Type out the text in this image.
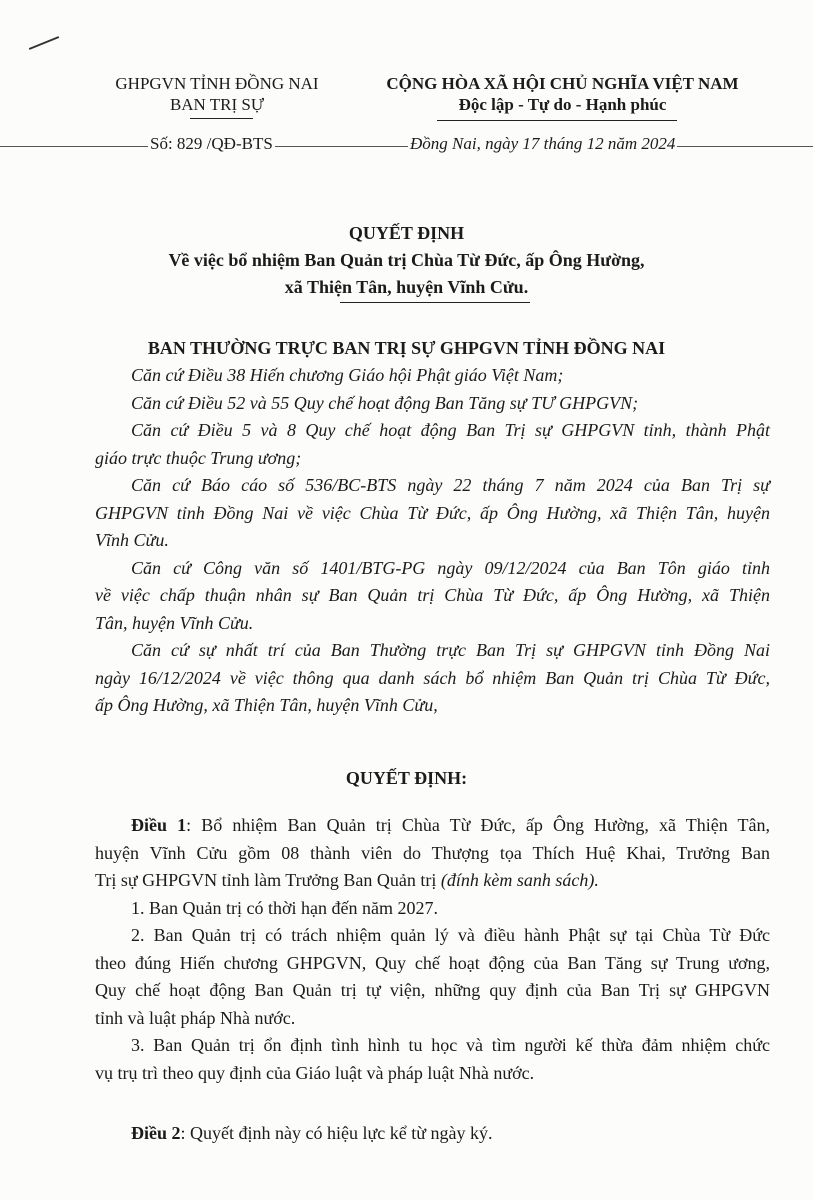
GHPGVN TỈNH ĐỒNG NAI
BAN TRỊ SỰ
CỘNG HÒA XÃ HỘI CHỦ NGHĨA VIỆT NAM
Độc lập - Tự do - Hạnh phúc
Số: 829 /QĐ-BTS	Đồng Nai, ngày 17 tháng 12 năm 2024
QUYẾT ĐỊNH
Về việc bổ nhiệm Ban Quản trị Chùa Từ Đức, ấp Ông Hường,
xã Thiện Tân, huyện Vĩnh Cửu.
BAN THƯỜNG TRỰC BAN TRỊ SỰ GHPGVN TỈNH ĐỒNG NAI
Căn cứ Điều 38 Hiến chương Giáo hội Phật giáo Việt Nam;
Căn cứ Điều 52 và 55 Quy chế hoạt động Ban Tăng sự TƯ GHPGVN;
Căn cứ Điều 5 và 8 Quy chế hoạt động Ban Trị sự GHPGVN tỉnh, thành Phật
giáo trực thuộc Trung ương;
Căn cứ Báo cáo số 536/BC-BTS ngày 22 tháng 7 năm 2024 của Ban Trị sự
GHPGVN tỉnh Đồng Nai về việc Chùa Từ Đức, ấp Ông Hường, xã Thiện Tân, huyện
Vĩnh Cửu.
Căn cứ Công văn số 1401/BTG-PG ngày 09/12/2024 của Ban Tôn giáo tỉnh
về việc chấp thuận nhân sự Ban Quản trị Chùa Từ Đức, ấp Ông Hường, xã Thiện
Tân, huyện Vĩnh Cửu.
Căn cứ sự nhất trí của Ban Thường trực Ban Trị sự GHPGVN tỉnh Đồng Nai
ngày 16/12/2024 về việc thông qua danh sách bổ nhiệm Ban Quản trị Chùa Từ Đức,
ấp Ông Hường, xã Thiện Tân, huyện Vĩnh Cửu,
QUYẾT ĐỊNH:
Điều 1: Bổ nhiệm Ban Quản trị Chùa Từ Đức, ấp Ông Hường, xã Thiện Tân,
huyện Vĩnh Cửu gồm 08 thành viên do Thượng tọa Thích Huệ Khai, Trưởng Ban
Trị sự GHPGVN tỉnh làm Trưởng Ban Quản trị (đính kèm sanh sách).
1. Ban Quản trị có thời hạn đến năm 2027.
2. Ban Quản trị có trách nhiệm quản lý và điều hành Phật sự tại Chùa Từ Đức
theo đúng Hiến chương GHPGVN, Quy chế hoạt động của Ban Tăng sự Trung ương,
Quy chế hoạt động Ban Quản trị tự viện, những quy định của Ban Trị sự GHPGVN
tỉnh và luật pháp Nhà nước.
3. Ban Quản trị ổn định tình hình tu học và tìm người kế thừa đảm nhiệm chức
vụ trụ trì theo quy định của Giáo luật và pháp luật Nhà nước.
Điều 2: Quyết định này có hiệu lực kể từ ngày ký.
